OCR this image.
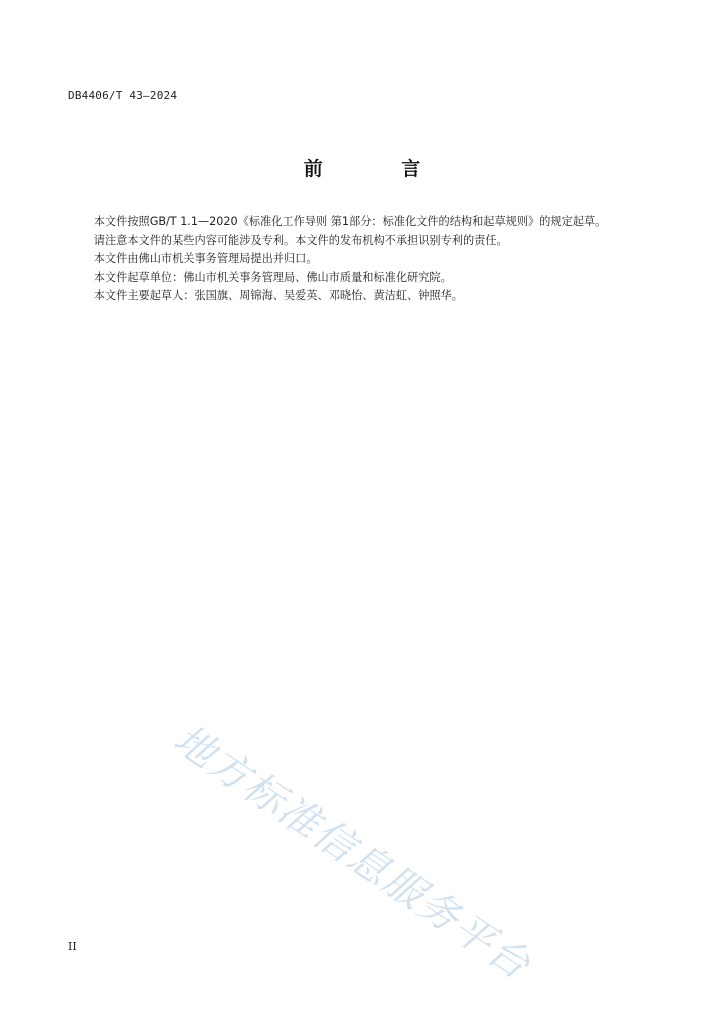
DB4406/T 43—2024
前 言

本文件按照GB/T 1.1—2020《标准化工作导则 第1部分：标准化文件的结构和起草规则》的规定起草。

请注意本文件的某些内容可能涉及专利。本文件的发布机构不承担识别专利的责任。

本文件由佛山市机关事务管理局提出并归口。

本文件起草单位：佛山市机关事务管理局、佛山市质量和标准化研究院。

本文件主要起草人：张国旗、周锦海、吴爱英、邓晓怡、黄洁虹、钟照华。

地方标准信息服务平台
II
